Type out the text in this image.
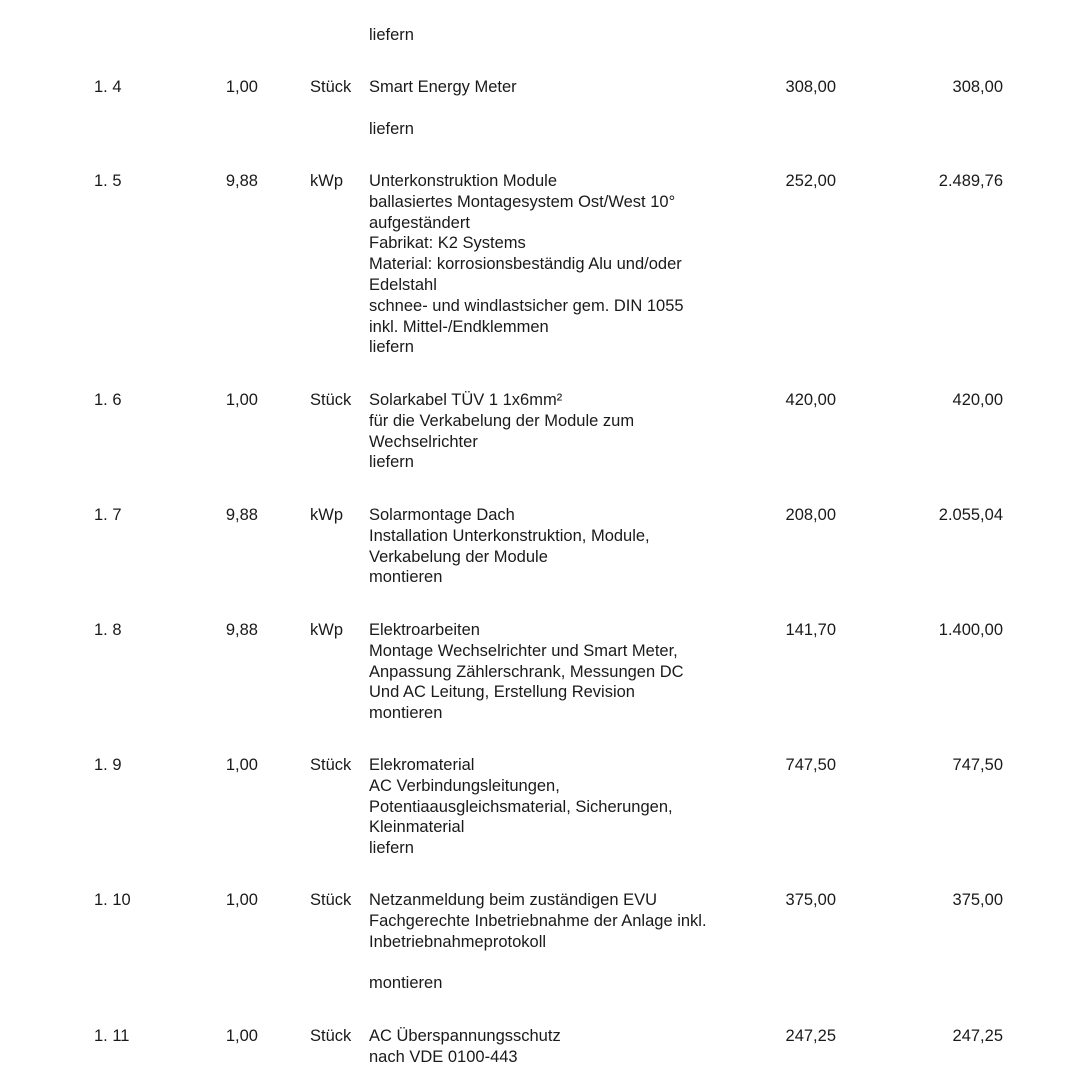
liefern
1. 4	1,00	Stück Smart Energy Meter
liefern
308,00	308,00
1. 5	9,88	kWp Unterkonstruktion Module
ballasiertes Montagesystem Ost/West 10°
aufgeständert
Fabrikat: K2 Systems
Material: korrosionsbeständig Alu und/oder
Edelstahl
schnee- und windlastsicher gem. DIN 1055
inkl. Mittel-/Endklemmen
liefern
252,00	2.489,76
1. 6	1,00	Stück Solarkabel TÜV 1 1x6mm²
für die Verkabelung der Module zum
Wechselrichter
liefern
420,00	420,00
1. 7	9,88	kWp Solarmontage Dach
Installation Unterkonstruktion, Module,
Verkabelung der Module
montieren
208,00	2.055,04
1. 8	9,88	kWp Elektroarbeiten
Montage Wechselrichter und Smart Meter,
Anpassung Zählerschrank, Messungen DC
Und AC Leitung, Erstellung Revision
montieren
141,70	1.400,00
1. 9	1,00	Stück Elekromaterial
AC Verbindungsleitungen,
Potentiaausgleichsmaterial, Sicherungen,
Kleinmaterial
liefern
747,50	747,50
1. 10	1,00	Stück Netzanmeldung beim zuständigen EVU
Fachgerechte Inbetriebnahme der Anlage inkl.
Inbetriebnahmeprotokoll
montieren
375,00	375,00
1. 11	1,00	Stück AC Überspannungsschutz
nach VDE 0100-443
247,25	247,25
